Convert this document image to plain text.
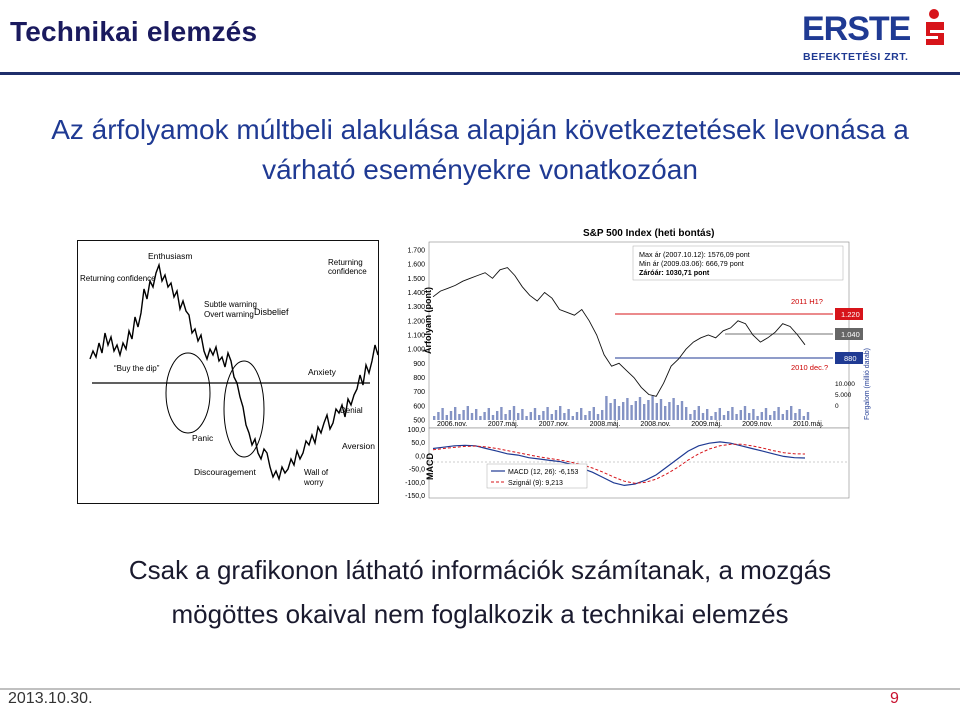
Technikai elemzés	ERSTE
BEFEKTETÉSI ZRT.
Az árfolyamok múltbeli alakulása alapján következtetések levonása a
várható eseményekre vonatkozóan
Enthusiasm
Returning confidence
Returning
confidence
Subtle warning
Overt warning Disbelief
“Buy the dip”	Anxiety
Denial
Panic
Aversion
Discouragement	Wall of
worry
S&P 500 Index (heti bontás)
Árfolyam (pont)
MACD
Forgalom (millió darab)
1.700
1.600
1.500
1.400
1.300
1.200
1.100
1.000
900
800
700
600
500
10.000
5.000
0
2006.nov.	2007.máj.	2007.nov.	2008.máj.	2008.nov.	2009.máj.	2009.nov.	2010.máj.
100,0
50,0
0,0
-50,0
-100,0
-150,0
Max ár (2007.10.12): 1576,09 pont
Min ár (2009.03.06): 666,79 pont
Záróár: 1030,71 pont
1.220
1.040
880
2011 H1?
2010 dec.?
MACD (12, 26): -6,153
Szignál (9): 9,213
Csak a grafikonon látható információk számítanak, a mozgás
mögöttes okaival nem foglalkozik a technikai elemzés
2013.10.30.	9
